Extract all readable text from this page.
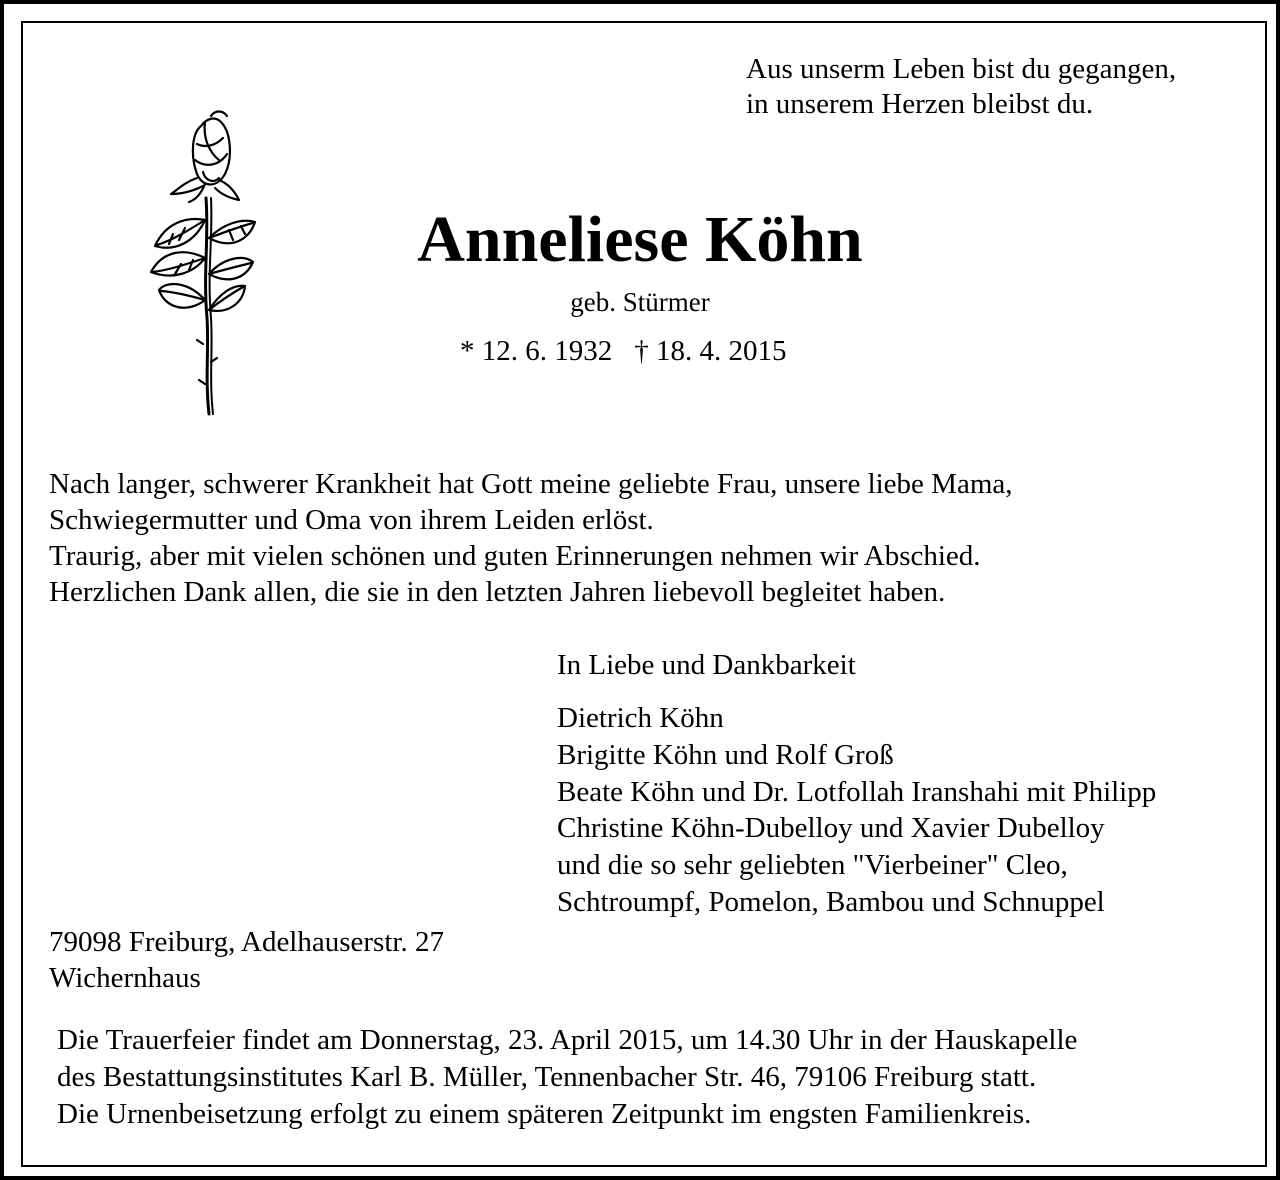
Aus unserm Leben bist du gegangen,
in unserem Herzen bleibst du.
Anneliese Köhn
geb. Stürmer
* 12. 6. 1932 † 18. 4. 2015
Nach langer, schwerer Krankheit hat Gott meine geliebte Frau, unsere liebe Mama,
Schwiegermutter und Oma von ihrem Leiden erlöst.
Traurig, aber mit vielen schönen und guten Erinnerungen nehmen wir Abschied.
Herzlichen Dank allen, die sie in den letzten Jahren liebevoll begleitet haben.
In Liebe und Dankbarkeit
Dietrich Köhn
Brigitte Köhn und Rolf Groß
Beate Köhn und Dr. Lotfollah Iranshahi mit Philipp
Christine Köhn-Dubelloy und Xavier Dubelloy
und die so sehr geliebten "Vierbeiner" Cleo,
Schtroumpf, Pomelon, Bambou und Schnuppel
79098 Freiburg, Adelhauserstr. 27
Wichernhaus
Die Trauerfeier findet am Donnerstag, 23. April 2015, um 14.30 Uhr in der Hauskapelle
des Bestattungsinstitutes Karl B. Müller, Tennenbacher Str. 46, 79106 Freiburg statt.
Die Urnenbeisetzung erfolgt zu einem späteren Zeitpunkt im engsten Familienkreis.
